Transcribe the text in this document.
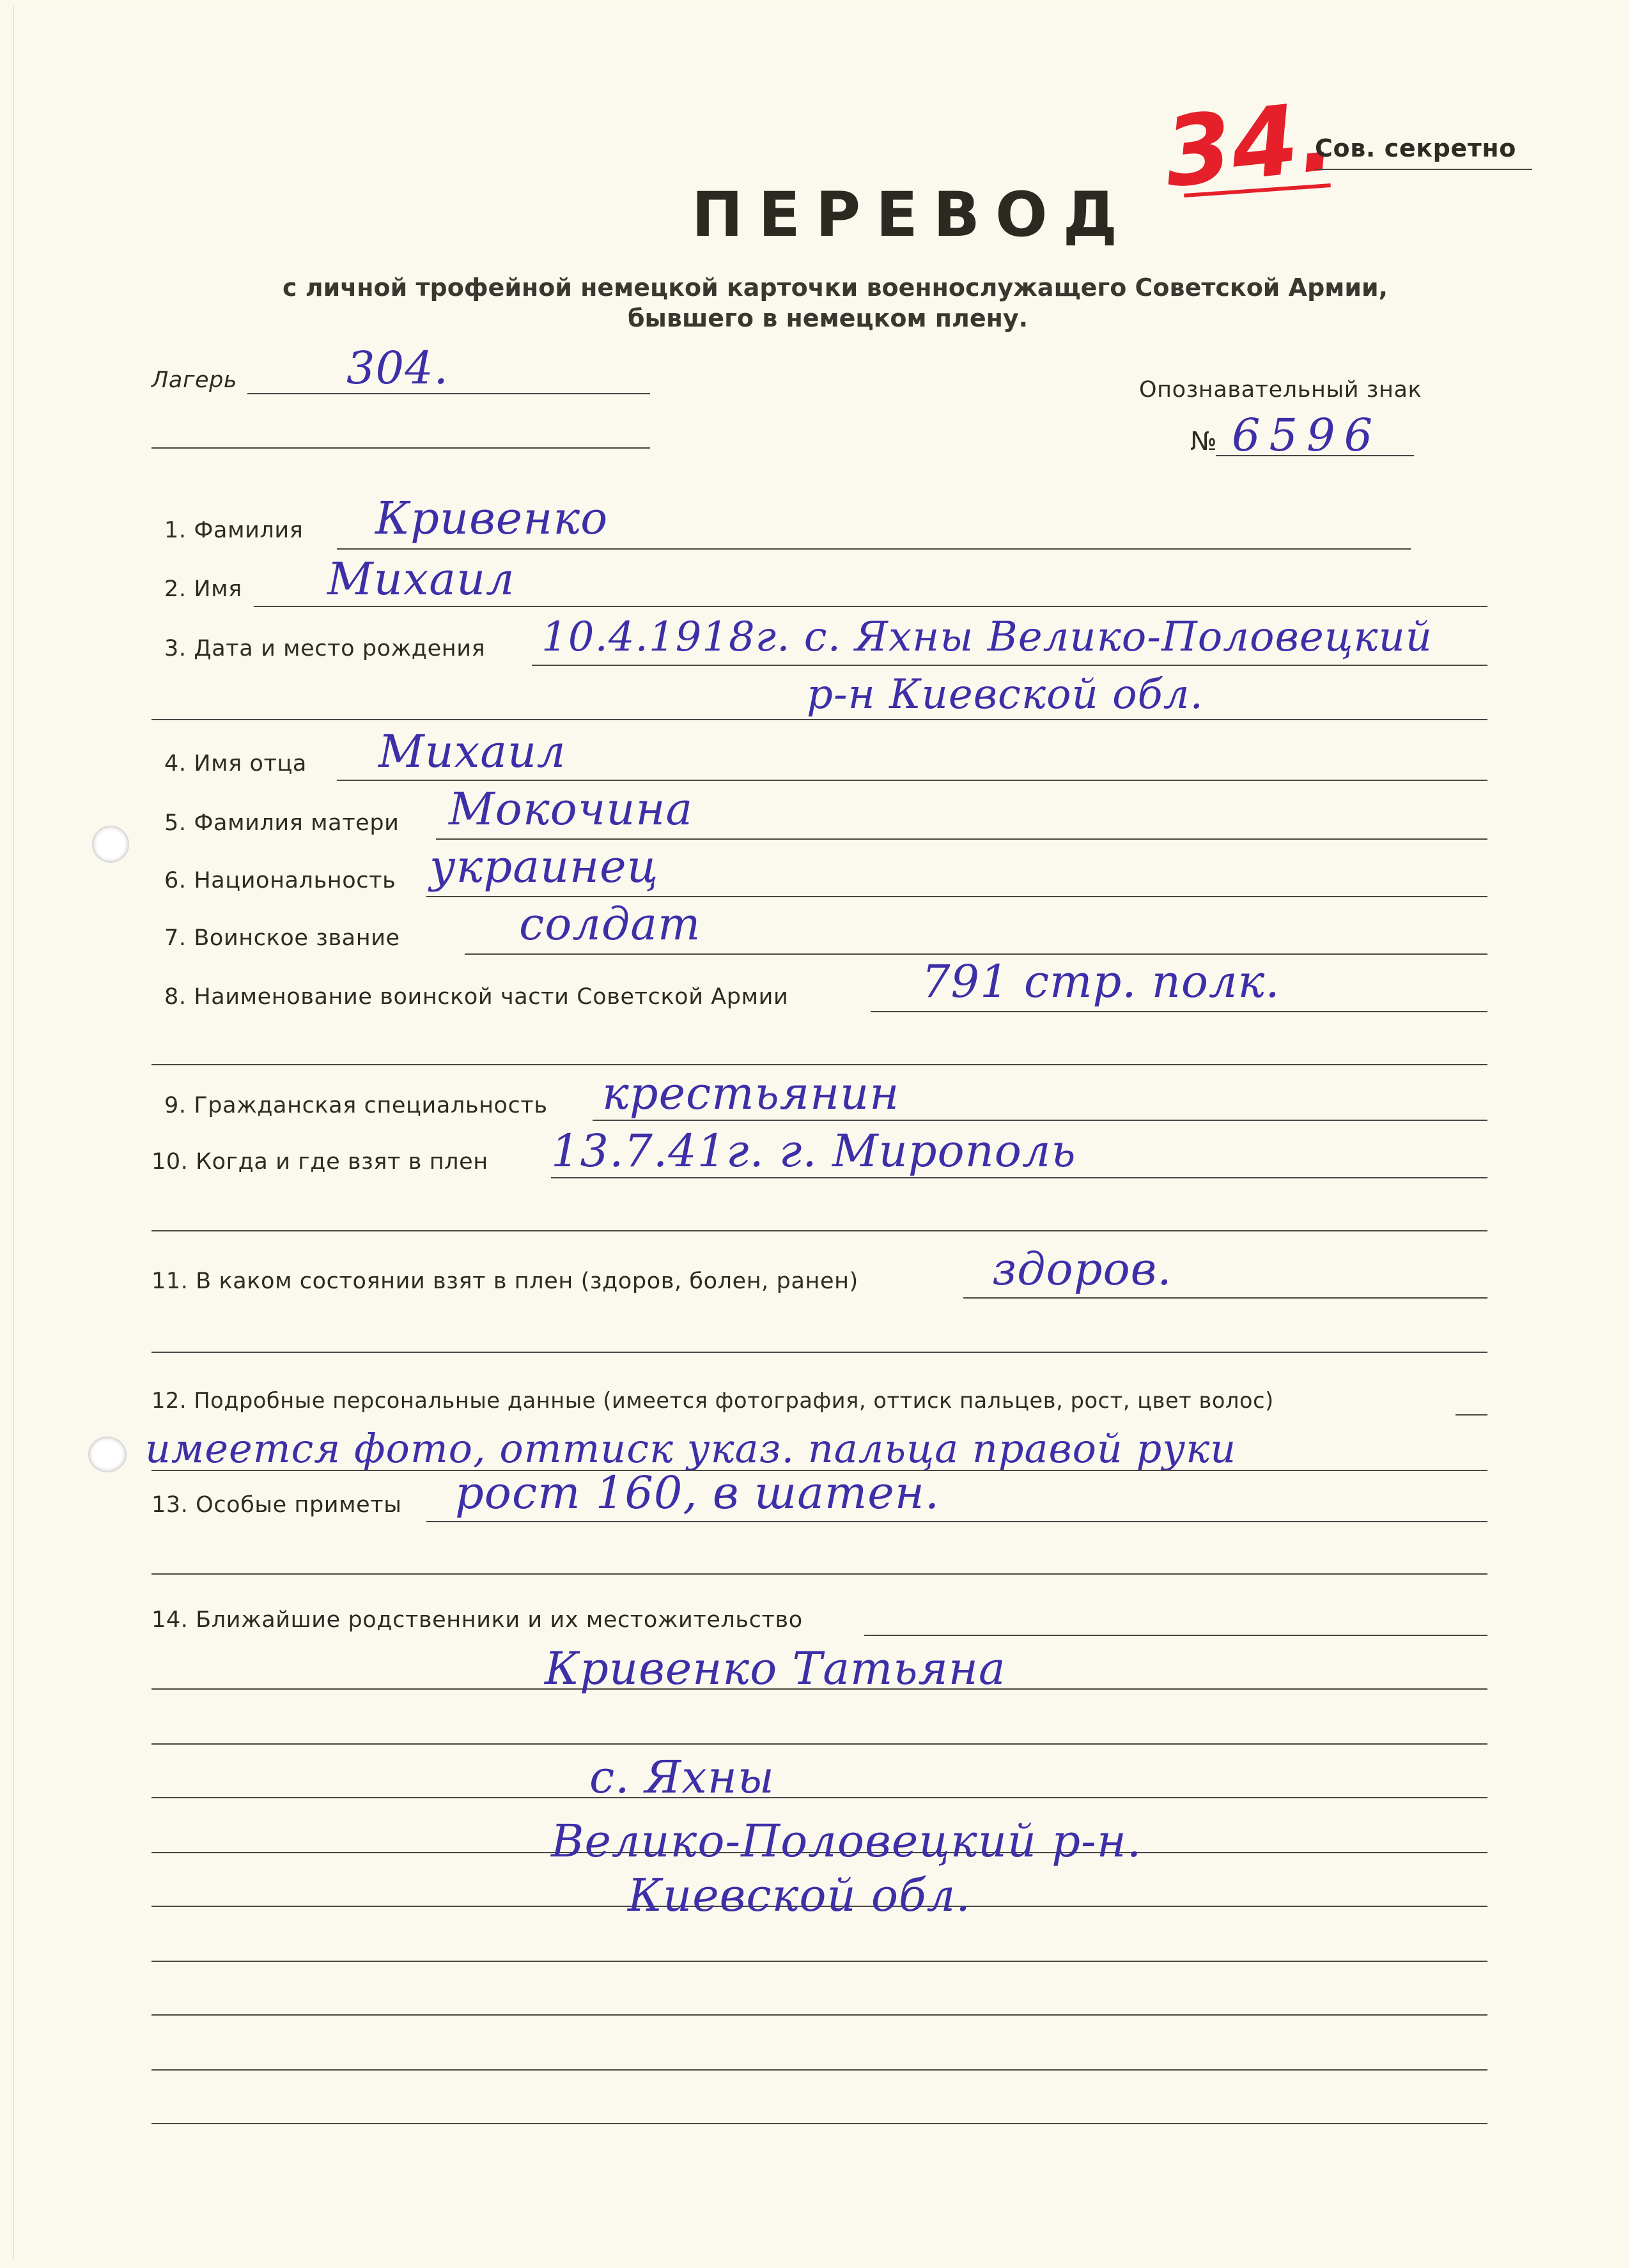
34.
Сов. секретно
ПЕРЕВОД
с личной трофейной немецкой карточки военнослужащего Советской Армии,
бывшего в немецком плену.
Лагерь 304.	Опознавательный знак
№ 6596
1. Фамилия Кривенко
2. Имя Михаил
3. Дата и место рождения 10.4.1918г. с. Яхны Велико-Половецкий
р-н Киевской обл.
4. Имя отца Михаил
5. Фамилия матери Мокочина
6. Национальность украинец
7. Воинское звание	солдат
8. Наименование воинской части Советской Армии	791 стр. полк.
9. Гражданская специальность крестьянин
10. Когда и где взят в плен 13.7.41г. г. Мирополь
11. В каком состоянии взят в плен (здоров, болен, ранен)	здоров.
12. Подробные персональные данные (имеется фотография, оттиск пальцев, рост, цвет волос)
имеется фото, оттиск указ. пальца правой руки
13. Особые приметы рост 160, в шатен.
14. Ближайшие родственники и их местожительство
Кривенко Татьяна
с. Яхны
Велико-Половецкий р-н.
Киевской обл.
